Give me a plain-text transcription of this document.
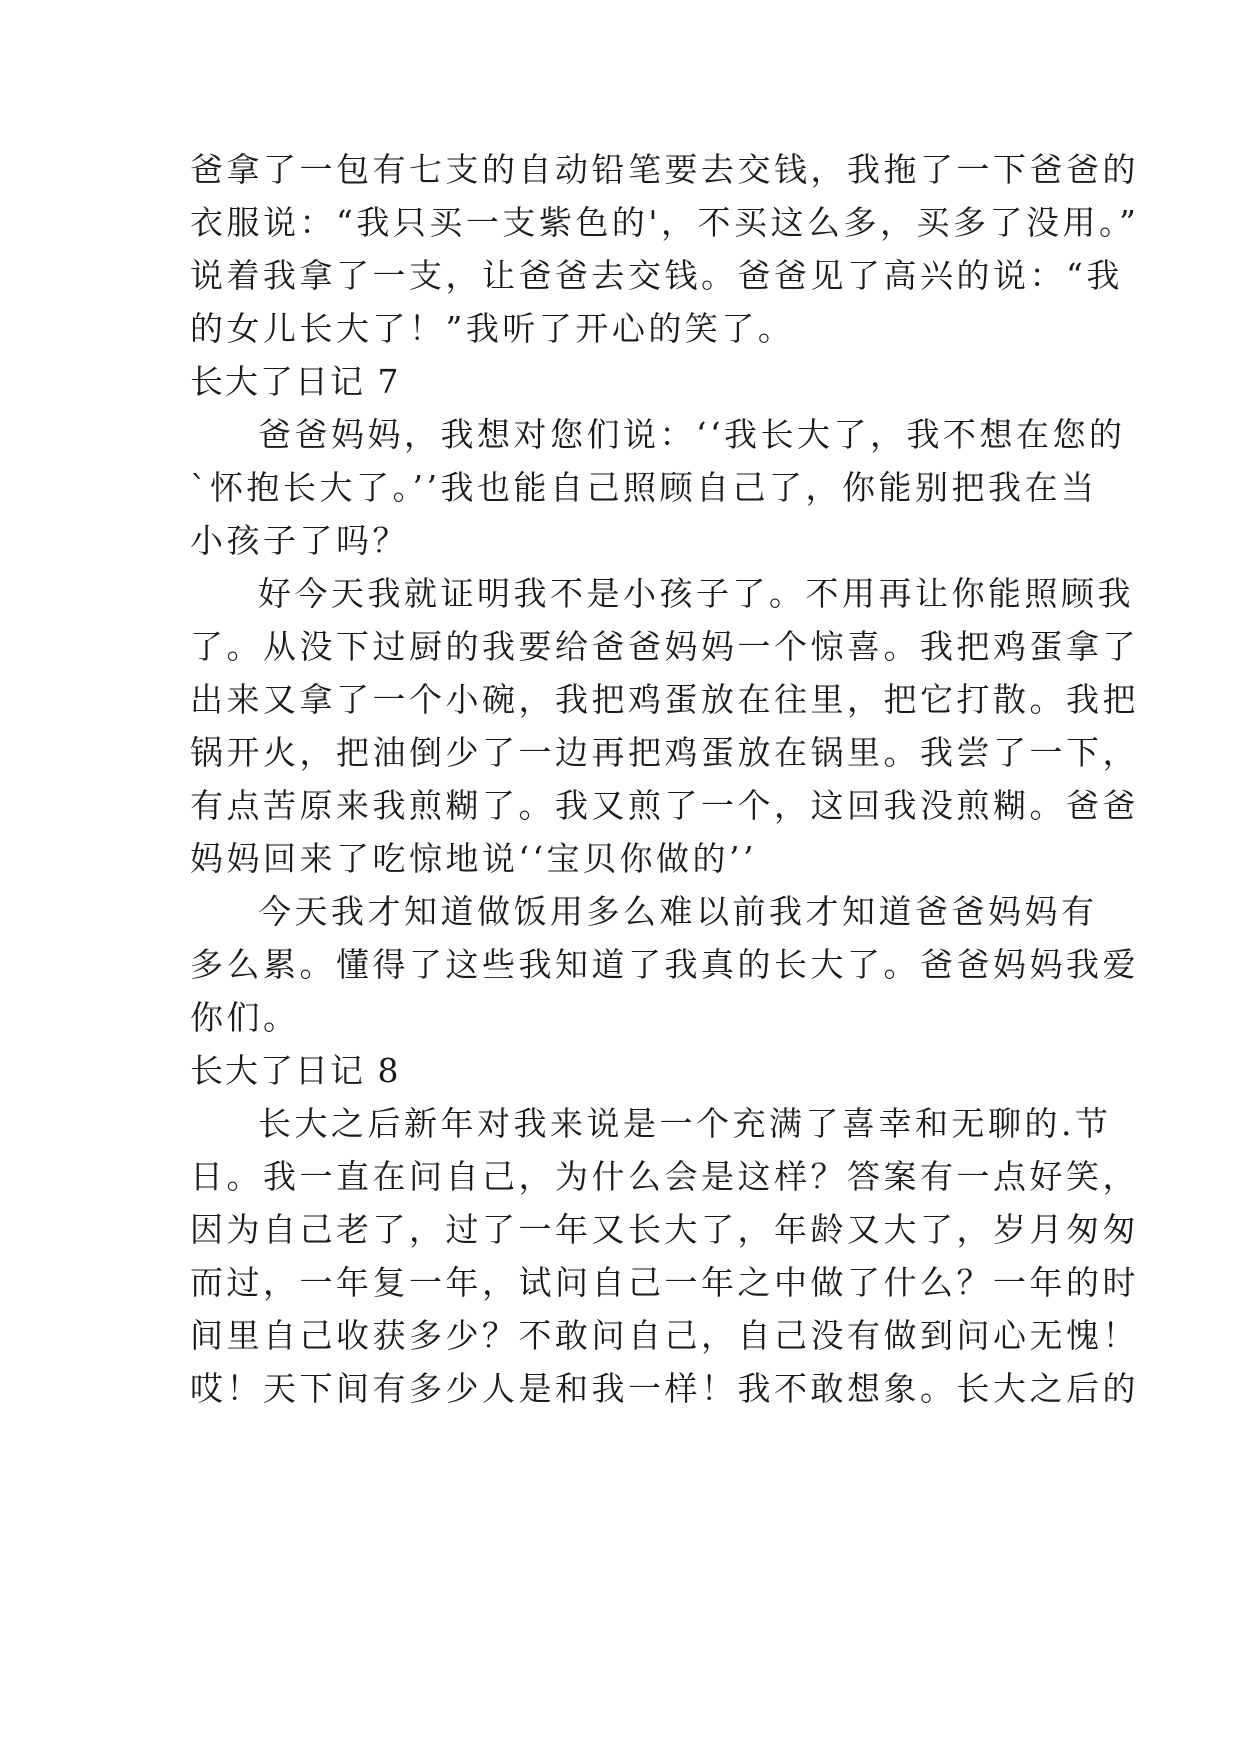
爸拿了一包有七支的自动铅笔要去交钱，我拖了一下爸爸的
衣服说：“我只买一支紫色的'，不买这么多，买多了没用。”
说着我拿了一支，让爸爸去交钱。爸爸见了高兴的说：“我
的女儿长大了！”我听了开心的笑了。
长大了日记 7
爸爸妈妈，我想对您们说：‘‘我长大了，我不想在您的
`怀抱长大了。’’我也能自己照顾自己了，你能别把我在当
小孩子了吗？
好今天我就证明我不是小孩子了。不用再让你能照顾我
了。从没下过厨的我要给爸爸妈妈一个惊喜。我把鸡蛋拿了
出来又拿了一个小碗，我把鸡蛋放在往里，把它打散。我把
锅开火，把油倒少了一边再把鸡蛋放在锅里。我尝了一下，
有点苦原来我煎糊了。我又煎了一个，这回我没煎糊。爸爸
妈妈回来了吃惊地说‘‘宝贝你做的’’
今天我才知道做饭用多么难以前我才知道爸爸妈妈有
多么累。懂得了这些我知道了我真的长大了。爸爸妈妈我爱
你们。
长大了日记 8
长大之后新年对我来说是一个充满了喜幸和无聊的.节
日。我一直在问自己，为什么会是这样？答案有一点好笑，
因为自己老了，过了一年又长大了，年龄又大了，岁月匆匆
而过，一年复一年，试问自己一年之中做了什么？一年的时
间里自己收获多少？不敢问自己，自己没有做到问心无愧！
哎！天下间有多少人是和我一样！我不敢想象。长大之后的
